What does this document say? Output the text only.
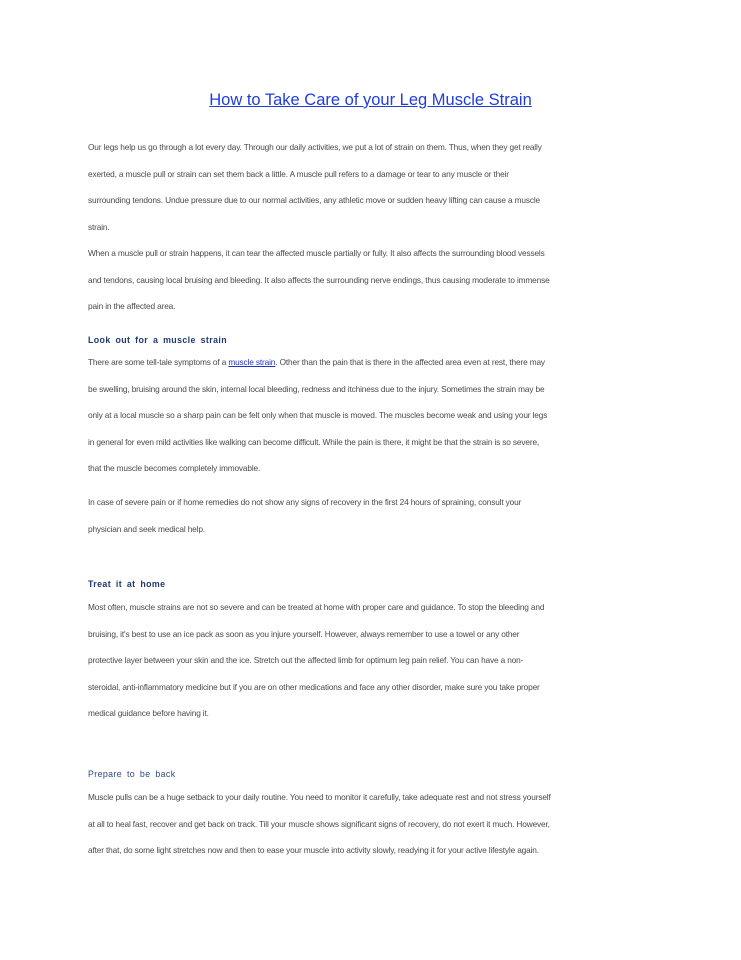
How to Take Care of your Leg Muscle Strain
Our legs help us go through a lot every day. Through our daily activities, we put a lot of strain on them. Thus, when they get really
exerted, a muscle pull or strain can set them back a little. A muscle pull refers to a damage or tear to any muscle or their
surrounding tendons. Undue pressure due to our normal activities, any athletic move or sudden heavy lifting can cause a muscle
strain.
When a muscle pull or strain happens, it can tear the affected muscle partially or fully. It also affects the surrounding blood vessels
and tendons, causing local bruising and bleeding. It also affects the surrounding nerve endings, thus causing moderate to immense
pain in the affected area.
Look out for a muscle strain
There are some tell-tale symptoms of a muscle strain. Other than the pain that is there in the affected area even at rest, there may
be swelling, bruising around the skin, internal local bleeding, redness and itchiness due to the injury. Sometimes the strain may be
only at a local muscle so a sharp pain can be felt only when that muscle is moved. The muscles become weak and using your legs
in general for even mild activities like walking can become difficult. While the pain is there, it might be that the strain is so severe,
that the muscle becomes completely immovable.
In case of severe pain or if home remedies do not show any signs of recovery in the first 24 hours of spraining, consult your
physician and seek medical help.
Treat it at home
Most often, muscle strains are not so severe and can be treated at home with proper care and guidance. To stop the bleeding and
bruising, it's best to use an ice pack as soon as you injure yourself. However, always remember to use a towel or any other
protective layer between your skin and the ice. Stretch out the affected limb for optimum leg pain relief. You can have a non-
steroidal, anti-inflammatory medicine but if you are on other medications and face any other disorder, make sure you take proper
medical guidance before having it.
Prepare to be back
Muscle pulls can be a huge setback to your daily routine. You need to monitor it carefully, take adequate rest and not stress yourself
at all to heal fast, recover and get back on track. Till your muscle shows significant signs of recovery, do not exert it much. However,
after that, do some light stretches now and then to ease your muscle into activity slowly, readying it for your active lifestyle again.
